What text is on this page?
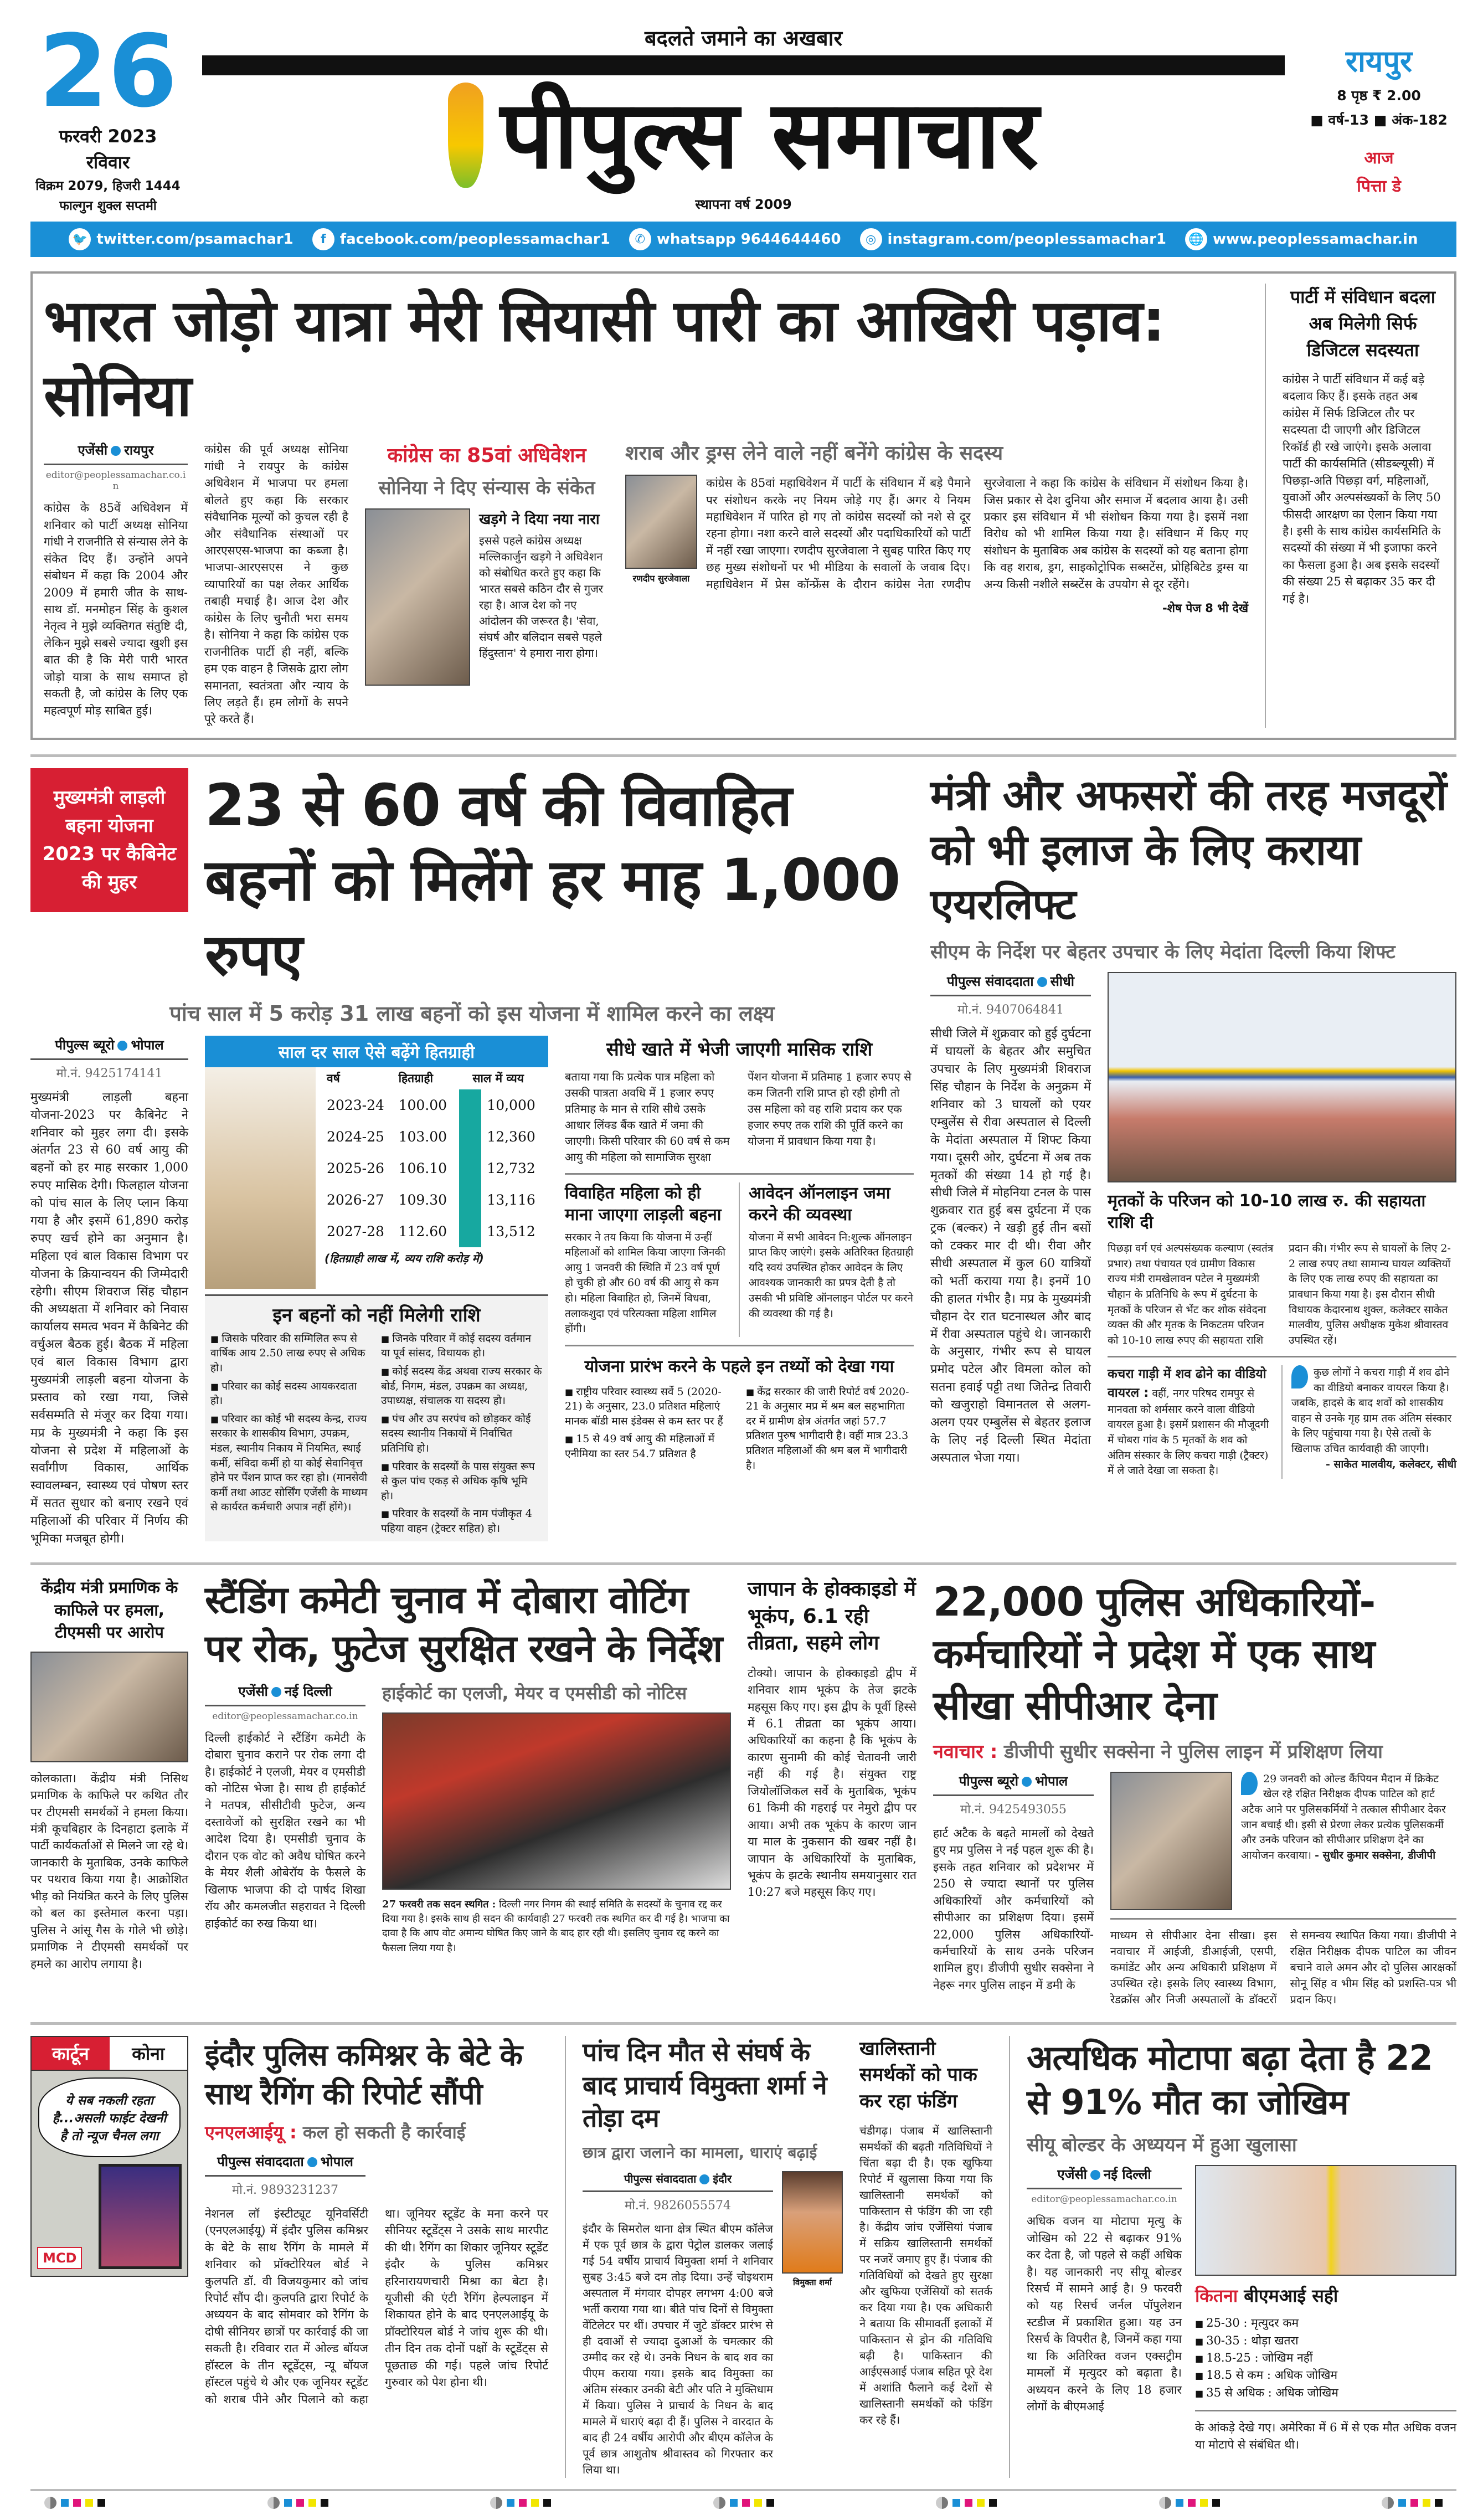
26
फरवरी 2023
रविवार
विक्रम 2079, हिजरी 1444
फाल्गुन शुक्ल सप्तमी
बदलते जमाने का अखबार
पीपुल्स समाचार
स्थापना वर्ष 2009
रायपुर
8 पृष्ठ ₹ 2.00
■ वर्ष-13 ■ अंक-182
आज
पित्ता डे
🐦 twitter.com/psamachar1	f facebook.com/peoplessamachar1	✆ whatsapp 9644644460	◎ instagram.com/peoplessamachar1 🌐 www.peoplessamachar.in
भारत जोड़ो यात्रा मेरी सियासी पारी का आखिरी पड़ाव: सोनिया
एजेंसी रायपुर
editor@peoplessamachar.co.in
कांग्रेस के 85वें अधिवेशन में शनिवार को पार्टी अध्यक्ष सोनिया गांधी ने राजनीति से संन्यास लेने के संकेत दिए हैं। उन्होंने अपने संबोधन में कहा कि 2004 और 2009 में हमारी जीत के साथ-साथ डॉ. मनमोहन सिंह के कुशल नेतृत्व ने मुझे व्यक्तिगत संतुष्टि दी, लेकिन मुझे सबसे ज्यादा खुशी इस बात की है कि मेरी पारी भारत जोड़ो यात्रा के साथ समाप्त हो सकती है, जो कांग्रेस के लिए एक महत्वपूर्ण मोड़ साबित हुई।
कांग्रेस की पूर्व अध्यक्ष सोनिया गांधी ने रायपुर के कांग्रेस अधिवेशन में भाजपा पर हमला बोलते हुए कहा कि सरकार संवैधानिक मूल्यों को कुचल रही है और संवैधानिक संस्थाओं पर आरएसएस-भाजपा का कब्जा है। भाजपा-आरएसएस ने कुछ व्यापारियों का पक्ष लेकर आर्थिक तबाही मचाई है। आज देश और कांग्रेस के लिए चुनौती भरा समय है। सोनिया ने कहा कि कांग्रेस एक राजनीतिक पार्टी ही नहीं, बल्कि हम एक वाहन है जिसके द्वारा लोग समानता, स्वतंत्रता और न्याय के लिए लड़ते हैं। हम लोगों के सपने पूरे करते हैं।
कांग्रेस का 85वां अधिवेशन
सोनिया ने दिए संन्यास के संकेत
खड़गे ने दिया नया नारा
इससे पहले कांग्रेस अध्यक्ष मल्लिकार्जुन खड़गे ने अधिवेशन को संबोधित करते हुए कहा कि भारत सबसे कठिन दौर से गुजर रहा है। आज देश को नए आंदोलन की जरूरत है। 'सेवा, संघर्ष और बलिदान सबसे पहले हिंदुस्तान' ये हमारा नारा होगा।
शराब और ड्रग्स लेने वाले नहीं बनेंगे कांग्रेस के सदस्य
रणदीप सुरजेवाला
कांग्रेस के 85वां महाधिवेशन में पार्टी के संविधान में बड़े पैमाने पर संशोधन करके नए नियम जोड़े गए हैं। अगर ये नियम महाधिवेशन में पारित हो गए तो कांग्रेस सदस्यों को नशे से दूर रहना होगा। नशा करने वाले सदस्यों और पदाधिकारियों को पार्टी में नहीं रखा जाएगा। रणदीप सुरजेवाला ने सुबह पारित किए गए छह मुख्य संशोधनों पर भी मीडिया के सवालों के जवाब दिए। महाधिवेशन में प्रेस कॉन्फ्रेंस के दौरान कांग्रेस नेता रणदीप सुरजेवाला ने कहा कि कांग्रेस के संविधान में संशोधन किया है। जिस प्रकार से देश दुनिया और समाज में बदलाव आया है। उसी प्रकार इस संविधान में भी संशोधन किया गया है। इसमें नशा विरोध को भी शामिल किया गया है। संविधान में किए गए संशोधन के मुताबिक अब कांग्रेस के सदस्यों को यह बताना होगा कि वह शराब, ड्रग, साइकोट्रोपिक सब्सटेंस, प्रोहिबिटेड ड्रग्स या अन्य किसी नशीले सब्स्टेंस के उपयोग से दूर रहेंगे।
-शेष पेज 8 भी देखें
पार्टी में संविधान बदला अब मिलेगी सिर्फ डिजिटल सदस्यता
कांग्रेस ने पार्टी संविधान में कई बड़े बदलाव किए हैं। इसके तहत अब कांग्रेस में सिर्फ डिजिटल तौर पर सदस्यता दी जाएगी और डिजिटल रिकॉर्ड ही रखे जाएंगे। इसके अलावा पार्टी की कार्यसमिति (सीडब्ल्यूसी) में पिछड़ा-अति पिछड़ा वर्ग, महिलाओं, युवाओं और अल्पसंख्यकों के लिए 50 फीसदी आरक्षण का ऐलान किया गया है। इसी के साथ कांग्रेस कार्यसमिति के सदस्यों की संख्या में भी इजाफा करने का फैसला हुआ है। अब इसके सदस्यों की संख्या 25 से बढ़ाकर 35 कर दी गई है।
मुख्यमंत्री लाड़ली बहना योजना 2023 पर कैबिनेट की मुहर
23 से 60 वर्ष की विवाहित बहनों को मिलेंगे हर माह 1,000 रुपए
पांच साल में 5 करोड़ 31 लाख बहनों को इस योजना में शामिल करने का लक्ष्य
पीपुल्स ब्यूरो भोपाल
मो.नं. 9425174141
मुख्यमंत्री लाड़ली बहना योजना-2023 पर कैबिनेट ने शनिवार को मुहर लगा दी। इसके अंतर्गत 23 से 60 वर्ष आयु की बहनों को हर माह सरकार 1,000 रुपए मासिक देगी। फिलहाल योजना को पांच साल के लिए प्लान किया गया है और इसमें 61,890 करोड़ रुपए खर्च होने का अनुमान है। महिला एवं बाल विकास विभाग पर योजना के क्रियान्वयन की जिम्मेदारी रहेगी। सीएम शिवराज सिंह चौहान की अध्यक्षता में शनिवार को निवास कार्यालय समत्व भवन में कैबिनेट की वर्चुअल बैठक हुई। बैठक में महिला एवं बाल विकास विभाग द्वारा मुख्यमंत्री लाड़ली बहना योजना के प्रस्ताव को रखा गया, जिसे सर्वसम्मति से मंजूर कर दिया गया। मप्र के मुख्यमंत्री ने कहा कि इस योजना से प्रदेश में महिलाओं के सर्वांगीण विकास, आर्थिक स्वावलम्बन, स्वास्थ्य एवं पोषण स्तर में सतत सुधार को बनाए रखने एवं महिलाओं की परिवार में निर्णय की भूमिका मजबूत होगी।
साल दर साल ऐसे बढ़ेंगे हितग्राही
वर्ष	हितग्राही	साल में व्यय
2023-24	100.00	10,000
2024-25	103.00	12,360
2025-26	106.10	12,732
2026-27	109.30	13,116
2027-28	112.60	13,512
(हितग्राही लाख में, व्यय राशि करोड़ में)
इन बहनों को नहीं मिलेगी राशि
■ जिसके परिवार की सम्मिलित रूप से वार्षिक आय 2.50 लाख रुपए से अधिक हो।
■ परिवार का कोई सदस्य आयकरदाता हो।
■ परिवार का कोई भी सदस्य केन्द्र, राज्य सरकार के शासकीय विभाग, उपक्रम, मंडल, स्थानीय निकाय में नियमित, स्थाई कर्मी, संविदा कर्मी हो या कोई सेवानिवृत्त होने पर पेंशन प्राप्त कर रहा हो। (मानसेवी कर्मी तथा आउट सोर्सिंग एजेंसी के माध्यम से कार्यरत कर्मचारी अपात्र नहीं होंगे)।
■ जिनके परिवार में कोई सदस्य वर्तमान या पूर्व सांसद, विधायक हो।
■ कोई सदस्य केंद्र अथवा राज्य सरकार के बोर्ड, निगम, मंडल, उपक्रम का अध्यक्ष, उपाध्यक्ष, संचालक या सदस्य हो।
■ पंच और उप सरपंच को छोड़कर कोई सदस्य स्थानीय निकायों में निर्वाचित प्रतिनिधि हो।
■ परिवार के सदस्यों के पास संयुक्त रूप से कुल पांच एकड़ से अधिक कृषि भूमि हो।
■ परिवार के सदस्यों के नाम पंजीकृत 4 पहिया वाहन (ट्रेक्टर सहित) हो।
सीधे खाते में भेजी जाएगी मासिक राशि
बताया गया कि प्रत्येक पात्र महिला को उसकी पात्रता अवधि में 1 हजार रुपए प्रतिमाह के मान से राशि सीधे उसके आधार लिंक्ड बैंक खाते में जमा की जाएगी। किसी परिवार की 60 वर्ष से कम आयु की महिला को सामाजिक सुरक्षा पेंशन योजना में प्रतिमाह 1 हजार रुपए से कम जितनी राशि प्राप्त हो रही होगी तो उस महिला को वह राशि प्रदाय कर एक हजार रुपए तक राशि की पूर्ति करने का योजना में प्रावधान किया गया है।
विवाहित महिला को ही माना जाएगा लाड़ली बहना
सरकार ने तय किया कि योजना में उन्हीं महिलाओं को शामिल किया जाएगा जिनकी आयु 1 जनवरी की स्थिति में 23 वर्ष पूर्ण हो चुकी हो और 60 वर्ष की आयु से कम हो। महिला विवाहित हो, जिनमें विधवा, तलाकशुदा एवं परित्यक्ता महिला शामिल होंगी।
आवेदन ऑनलाइन जमा करने की व्यवस्था
योजना में सभी आवेदन नि:शुल्क ऑनलाइन प्राप्त किए जाएंगे। इसके अतिरिक्त हितग्राही यदि स्वयं उपस्थित होकर आवेदन के लिए आवश्यक जानकारी का प्रपत्र देती है तो उसकी भी प्रविष्टि ऑनलाइन पोर्टल पर करने की व्यवस्था की गई है।
योजना प्रारंभ करने के पहले इन तथ्यों को देखा गया
■ राष्ट्रीय परिवार स्वास्थ्य सर्वे 5 (2020-21) के अनुसार, 23.0 प्रतिशत महिलाएं मानक बॉडी मास इंडेक्स से कम स्तर पर हैं
■ 15 से 49 वर्ष आयु की महिलाओं में एनीमिया का स्तर 54.7 प्रतिशत है
■ केंद्र सरकार की जारी रिपोर्ट वर्ष 2020-21 के अनुसार मप्र में श्रम बल सहभागिता दर में ग्रामीण क्षेत्र अंतर्गत जहां 57.7 प्रतिशत पुरुष भागीदारी है। वहीं मात्र 23.3 प्रतिशत महिलाओं की श्रम बल में भागीदारी है।
मंत्री और अफसरों की तरह मजदूरों को भी इलाज के लिए कराया एयरलिफ्ट
सीएम के निर्देश पर बेहतर उपचार के लिए मेदांता दिल्ली किया शिफ्ट
पीपुल्स संवाददाता सीधी
मो.नं. 9407064841
सीधी जिले में शुक्रवार को हुई दुर्घटना में घायलों के बेहतर और समुचित उपचार के लिए मुख्यमंत्री शिवराज सिंह चौहान के निर्देश के अनुक्रम में शनिवार को 3 घायलों को एयर एम्बुलेंस से रीवा अस्पताल से दिल्ली के मेदांता अस्पताल में शिफ्ट किया गया। दूसरी ओर, दुर्घटना में अब तक मृतकों की संख्या 14 हो गई है। सीधी जिले में मोहनिया टनल के पास शुक्रवार रात हुई बस दुर्घटना में एक ट्रक (बल्कर) ने खड़ी हुई तीन बसों को टक्कर मार दी थी। रीवा और सीधी अस्पताल में कुल 60 यात्रियों को भर्ती कराया गया है। इनमें 10 की हालत गंभीर है। मप्र के मुख्यमंत्री चौहान देर रात घटनास्थल और बाद में रीवा अस्पताल पहुंचे थे। जानकारी के अनुसार, गंभीर रूप से घायल प्रमोद पटेल और विमला कोल को सतना हवाई पट्टी तथा जितेन्द्र तिवारी को खजुराहो विमानतल से अलग-अलग एयर एम्बुलेंस से बेहतर इलाज के लिए नई दिल्ली स्थित मेदांता अस्पताल भेजा गया।
मृतकों के परिजन को 10-10 लाख रु. की सहायता राशि दी
पिछड़ा वर्ग एवं अल्पसंख्यक कल्याण (स्वतंत्र प्रभार) तथा पंचायत एवं ग्रामीण विकास राज्य मंत्री रामखेलावन पटेल ने मुख्यमंत्री चौहान के प्रतिनिधि के रूप में दुर्घटना के मृतकों के परिजन से भेंट कर शोक संवेदना व्यक्त की और मृतक के निकटतम परिजन को 10-10 लाख रुपए की सहायता राशि प्रदान की। गंभीर रूप से घायलों के लिए 2-2 लाख रुपए तथा सामान्य घायल व्यक्तियों के लिए एक लाख रुपए की सहायता का प्रावधान किया गया है। इस दौरान सीधी विधायक केदारनाथ शुक्ल, कलेक्टर साकेत मालवीय, पुलिस अधीक्षक मुकेश श्रीवास्तव उपस्थित रहें।
कचरा गाड़ी में शव ढोने का वीडियो वायरल : वहीं, नगर परिषद रामपुर से मानवता को शर्मसार करने वाला वीडियो वायरल हुआ है। इसमें प्रशासन की मौजूदगी में चोबरा गांव के 5 मृतकों के शव को अंतिम संस्कार के लिए कचरा गाड़ी (ट्रैक्टर) में ले जाते देखा जा सकता है।
कुछ लोगों ने कचरा गाड़ी में शव ढोने का वीडियो बनाकर वायरल किया है। जबकि, हादसे के बाद शवों को शासकीय वाहन से उनके गृह ग्राम तक अंतिम संस्कार के लिए पहुंचाया गया है। ऐसे तत्वों के खिलाफ उचित कार्यवाही की जाएगी।
- साकेत मालवीय, कलेक्टर, सीधी
केंद्रीय मंत्री प्रमाणिक के काफिले पर हमला, टीएमसी पर आरोप
कोलकाता। केंद्रीय मंत्री निसिथ प्रमाणिक के काफिले पर कथित तौर पर टीएमसी समर्थकों ने हमला किया। मंत्री कूचबिहार के दिनहाटा इलाके में पार्टी कार्यकर्ताओं से मिलने जा रहे थे। जानकारी के मुताबिक, उनके काफिले पर पथराव किया गया है। आक्रोशित भीड़ को नियंत्रित करने के लिए पुलिस को बल का इस्तेमाल करना पड़ा। पुलिस ने आंसू गैस के गोले भी छोड़े। प्रमाणिक ने टीएमसी समर्थकों पर हमले का आरोप लगाया है।
स्टैंडिंग कमेटी चुनाव में दोबारा वोटिंग पर रोक, फुटेज सुरक्षित रखने के निर्देश
एजेंसी नई दिल्ली
editor@peoplessamachar.co.in
दिल्ली हाईकोर्ट ने स्टैंडिंग कमेटी के दोबारा चुनाव कराने पर रोक लगा दी है। हाईकोर्ट ने एलजी, मेयर व एमसीडी को नोटिस भेजा है। साथ ही हाईकोर्ट ने मतपत्र, सीसीटीवी फुटेज, अन्य दस्तावेजों को सुरक्षित रखने का भी आदेश दिया है। एमसीडी चुनाव के दौरान एक वोट को अवैध घोषित करने के मेयर शैली ओबेरॉय के फैसले के खिलाफ भाजपा की दो पार्षद शिखा रॉय और कमलजीत सहरावत ने दिल्ली हाईकोर्ट का रुख किया था।
हाईकोर्ट का एलजी, मेयर व एमसीडी को नोटिस
27 फरवरी तक सदन स्थगित : दिल्ली नगर निगम की स्थाई समिति के सदस्यों के चुनाव रद्द कर दिया गया है। इसके साथ ही सदन की कार्यवाही 27 फरवरी तक स्थगित कर दी गई है। भाजपा का दावा है कि आप वोट अमान्य घोषित किए जाने के बाद हार रही थी। इसलिए चुनाव रद्द करने का फैसला लिया गया है।
जापान के होक्काइडो में भूकंप, 6.1 रही तीव्रता, सहमे लोग
टोक्यो। जापान के होक्काइडो द्वीप में शनिवार शाम भूकंप के तेज झटके महसूस किए गए। इस द्वीप के पूर्वी हिस्से में 6.1 तीव्रता का भूकंप आया। अधिकारियों का कहना है कि भूकंप के कारण सुनामी की कोई चेतावनी जारी नहीं की गई है। संयुक्त राष्ट्र जियोलॉजिकल सर्वे के मुताबिक, भूकंप 61 किमी की गहराई पर नेमुरो द्वीप पर आया। अभी तक भूकंप के कारण जान या माल के नुकसान की खबर नहीं है। जापान के अधिकारियों के मुताबिक, भूकंप के झटके स्थानीय समयानुसार रात 10:27 बजे महसूस किए गए।
22,000 पुलिस अधिकारियों-कर्मचारियों ने प्रदेश में एक साथ सीखा सीपीआर देना
नवाचार : डीजीपी सुधीर सक्सेना ने पुलिस लाइन में प्रशिक्षण लिया
पीपुल्स ब्यूरो भोपाल
मो.नं. 9425493055
हार्ट अटैक के बढ़ते मामलों को देखते हुए मप्र पुलिस ने नई पहल शुरू की है। इसके तहत शनिवार को प्रदेशभर में 250 से ज्यादा स्थानों पर पुलिस अधिकारियों और कर्मचारियों को सीपीआर का प्रशिक्षण दिया। इसमें 22,000 पुलिस अधिकारियों-कर्मचारियों के साथ उनके परिजन शामिल हुए। डीजीपी सुधीर सक्सेना ने नेहरू नगर पुलिस लाइन में डमी के
29 जनवरी को ओल्ड कैंपियन मैदान में क्रिकेट खेल रहे रक्षित निरीक्षक दीपक पाटिल को हार्ट अटैक आने पर पुलिसकर्मियों ने तत्काल सीपीआर देकर जान बचाई थी। इसी से प्रेरणा लेकर प्रत्येक पुलिसकर्मी और उनके परिजन को सीपीआर प्रशिक्षण देने का आयोजन करवाया। - सुधीर कुमार सक्सेना, डीजीपी
माध्यम से सीपीआर देना सीखा। इस नवाचार में आईजी, डीआईजी, एसपी, कमांडेंट और अन्य अधिकारी प्रशिक्षण में उपस्थित रहे। इसके लिए स्वास्थ्य विभाग, रेडक्रॉस और निजी अस्पतालों के डॉक्टरों से समन्वय स्थापित किया गया। डीजीपी ने रक्षित निरीक्षक दीपक पाटिल का जीवन बचाने वाले अमन और दो पुलिस आरक्षकों सोनू सिंह व भीम सिंह को प्रशस्ति-पत्र भी प्रदान किए।
कार्टून	कोना
ये सब नकली रहता है...असली फाईट देखनी है तो न्यूज चैनल लगा
MCD
इंदौर पुलिस कमिश्नर के बेटे के साथ रैगिंग की रिपोर्ट सौंपी
एनएलआईयू : कल हो सकती है कार्रवाई
पीपुल्स संवाददाता भोपाल
मो.नं. 9893231237
नेशनल लॉ इंस्टीट्यूट यूनिवर्सिटी (एनएलआईयू) में इंदौर पुलिस कमिश्नर के बेटे के साथ रैगिंग के मामले में शनिवार को प्रॉक्टोरियल बोर्ड ने कुलपति डॉ. वी विजयकुमार को जांच रिपोर्ट सौंप दी। कुलपति द्वारा रिपोर्ट के अध्ययन के बाद सोमवार को रैगिंग के दोषी सीनियर छात्रों पर कार्रवाई की जा सकती है। रविवार रात में ओल्ड बॉयज हॉस्टल के तीन स्टूडेंट्स, न्यू बॉयज हॉस्टल पहुंचे थे और एक जूनियर स्टूडेंट को शराब पीने और पिलाने को कहा था। जूनियर स्टूडेंट के मना करने पर सीनियर स्टूडेंट्स ने उसके साथ मारपीट की थी। रैगिंग का शिकार जूनियर स्टूडेंट इंदौर के पुलिस कमिश्नर हरिनारायणचारी मिश्रा का बेटा है। यूजीसी की एंटी रैगिंग हेल्पलाइन में शिकायत होने के बाद एनएलआईयू के प्रॉक्टोरियल बोर्ड ने जांच शुरू की थी। तीन दिन तक दोनों पक्षों के स्टूडेंट्स से पूछताछ की गई। पहले जांच रिपोर्ट गुरुवार को पेश होना थी।
पांच दिन मौत से संघर्ष के बाद प्राचार्य विमुक्ता शर्मा ने तोड़ा दम
छात्र द्वारा जलाने का मामला, धाराएं बढ़ाई
पीपुल्स संवाददाता इंदौर
मो.नं. 9826055574
इंदौर के सिमरोल थाना क्षेत्र स्थित बीएम कॉलेज में एक पूर्व छात्र के द्वारा पेट्रोल डालकर जलाई गई 54 वर्षीय प्राचार्य विमुक्ता शर्मा ने शनिवार सुबह 3:45 बजे दम तोड़ दिया। उन्हें चोइथराम अस्पताल में मंगवार दोपहर लगभग 4:00 बजे भर्ती कराया गया था। बीते पांच दिनों से विमुक्ता वेंटिलेटर पर थीं। उपचार में जुटे डॉक्टर प्रारंभ से ही दवाओं से ज्यादा दुआओं के चमत्कार की उम्मीद कर रहे थे। उनके निधन के बाद शव का पीएम कराया गया। इसके बाद विमुक्ता का अंतिम संस्कार उनकी बेटी और पति ने मुक्तिधाम में किया। पुलिस ने प्राचार्य के निधन के बाद मामले में धाराएं बढ़ा दी हैं। पुलिस ने वारदात के बाद ही 24 वर्षीय आरोपी और बीएम कॉलेज के पूर्व छात्र आशुतोष श्रीवास्तव को गिरफ्तार कर लिया था।
विमुक्ता शर्मा
खालिस्तानी समर्थकों को पाक कर रहा फंडिंग
चंडीगढ़। पंजाब में खालिस्तानी समर्थकों की बढ़ती गतिविधियों ने चिंता बढ़ा दी है। एक खुफिया रिपोर्ट में खुलासा किया गया कि खालिस्तानी समर्थकों को पाकिस्तान से फंडिंग की जा रही है। केंद्रीय जांच एजेंसियां पंजाब में सक्रिय खालिस्तानी समर्थकों पर नजरें जमाए हुए हैं। पंजाब की गतिविधियों को देखते हुए सुरक्षा और खुफिया एजेंसियों को सतर्क कर दिया गया है। एक अधिकारी ने बताया कि सीमावर्ती इलाकों में पाकिस्तान से ड्रोन की गतिविधि बढ़ी है। पाकिस्तान की आईएसआई पंजाब सहित पूरे देश में अशांति फैलाने कई देशों से खालिस्तानी समर्थकों को फंडिंग कर रहे हैं।
अत्यधिक मोटापा बढ़ा देता है 22 से 91% मौत का जोखिम
सीयू बोल्डर के अध्ययन में हुआ खुलासा
एजेंसी नई दिल्ली
editor@peoplessamachar.co.in
अधिक वजन या मोटापा मृत्यु के जोखिम को 22 से बढ़ाकर 91% कर देता है, जो पहले से कहीं अधिक है। यह जानकारी नए सीयू बोल्डर रिसर्च में सामने आई है। 9 फरवरी को यह रिसर्च जर्नल पॉपुलेशन स्टडीज में प्रकाशित हुआ। यह उन रिसर्च के विपरीत है, जिनमें कहा गया था कि अतिरिक्त वजन एक्सट्रीम मामलों में मृत्युदर को बढ़ाता है। अध्ययन करने के लिए 18 हजार लोगों के बीएमआई
कितना बीएमआई सही
■ 25-30 : मृत्युदर कम
■ 30-35 : थोड़ा खतरा
■ 18.5-25 : जोखिम नहीं
■ 18.5 से कम : अधिक जोखिम
■ 35 से अधिक : अधिक जोखिम
के आंकड़े देखे गए। अमेरिका में 6 में से एक मौत अधिक वजन या मोटापे से संबंधित थी।
